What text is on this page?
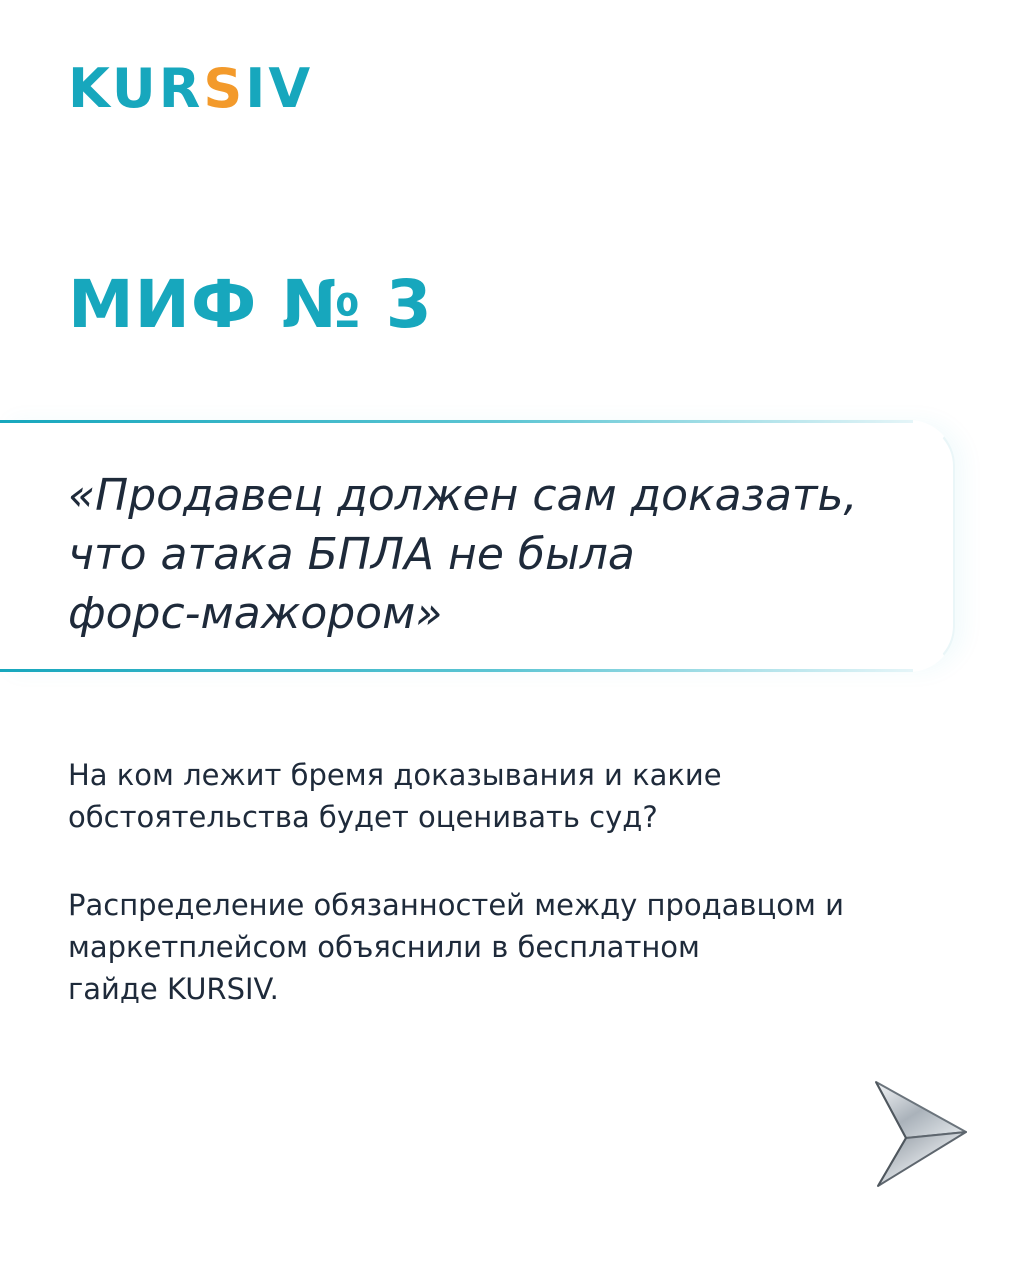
KURSIV
МИФ № 3

«Продавец должен сам доказать,
что атака БПЛА не была
форс-мажором»

На ком лежит бремя доказывания и какие
обстоятельства будет оценивать суд?

Распределение обязанностей между продавцом и
маркетплейсом объяснили в бесплатном
гайде KURSIV.
